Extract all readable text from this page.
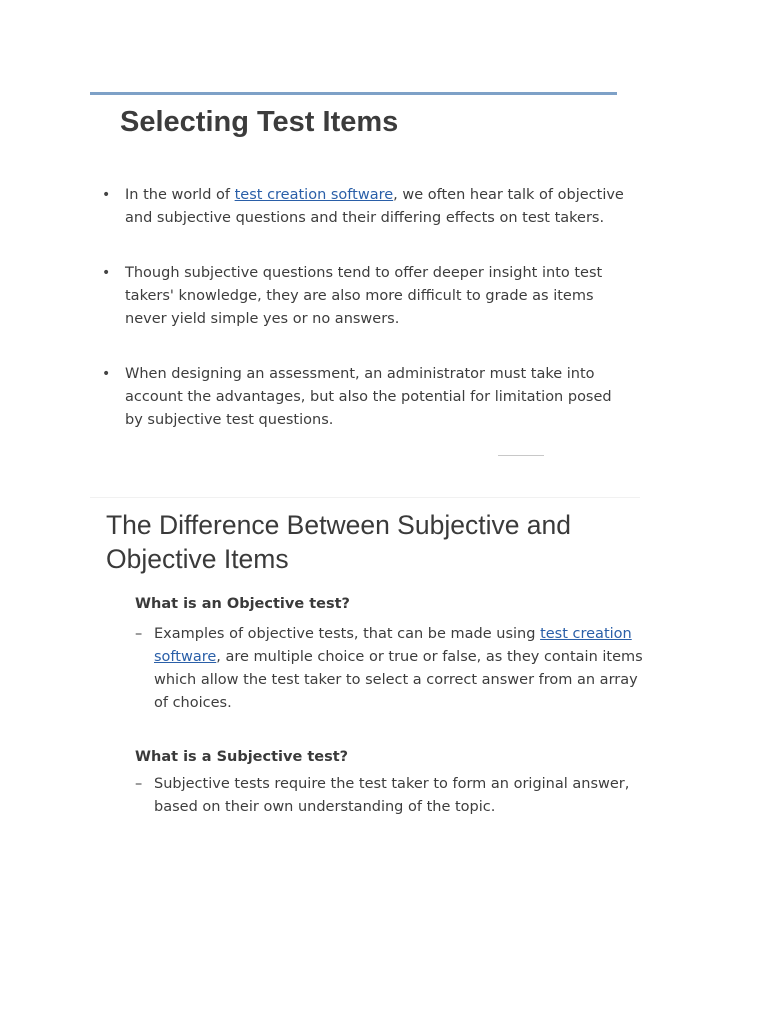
Selecting Test Items
• In the world of test creation software, we often hear talk of objective and subjective questions and their differing effects on test takers.
• Though subjective questions tend to offer deeper insight into test takers' knowledge, they are also more difficult to grade as items never yield simple yes or no answers.
• When designing an assessment, an administrator must take into account the advantages, but also the potential for limitation posed by subjective test questions.
The Difference Between Subjective and Objective Items
What is an Objective test?
– Examples of objective tests, that can be made using test creation software, are multiple choice or true or false, as they contain items which allow the test taker to select a correct answer from an array of choices.
What is a Subjective test?
– Subjective tests require the test taker to form an original answer, based on their own understanding of the topic.
